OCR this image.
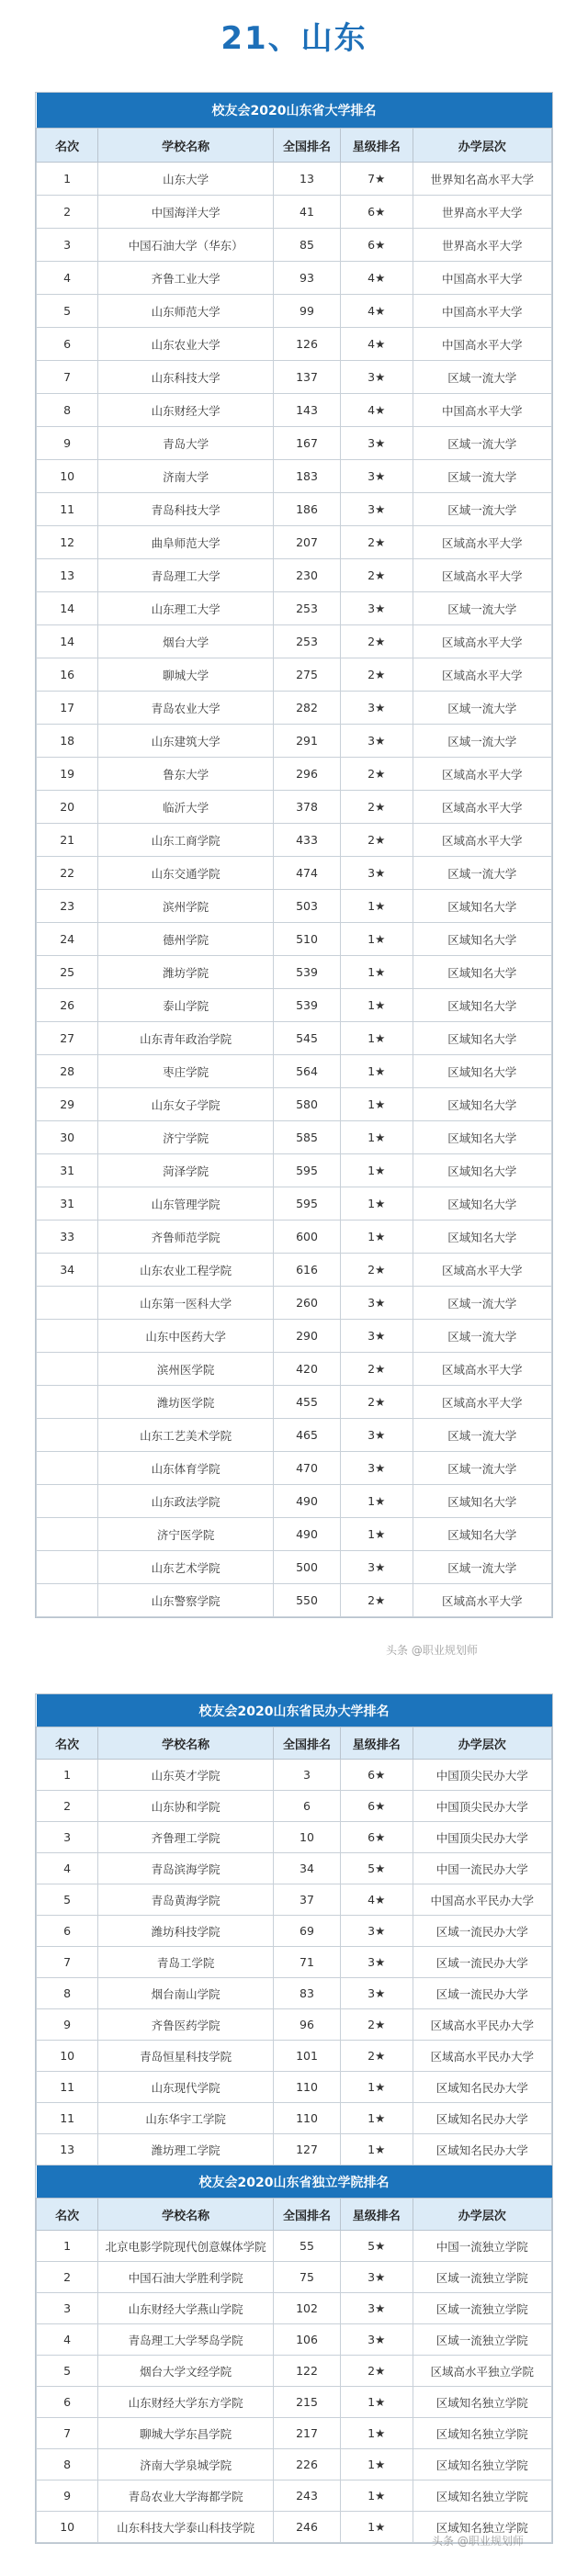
21、山东
校友会2020山东省大学排名				
名次	学校名称	全国排名	星级排名	办学层次
1	山东大学	13	7★	世界知名高水平大学
2	中国海洋大学	41	6★	世界高水平大学
3	中国石油大学（华东）	85	6★	世界高水平大学
4	齐鲁工业大学	93	4★	中国高水平大学
5	山东师范大学	99	4★	中国高水平大学
6	山东农业大学	126	4★	中国高水平大学
7	山东科技大学	137	3★	区域一流大学
8	山东财经大学	143	4★	中国高水平大学
9	青岛大学	167	3★	区域一流大学
10	济南大学	183	3★	区域一流大学
11	青岛科技大学	186	3★	区域一流大学
12	曲阜师范大学	207	2★	区域高水平大学
13	青岛理工大学	230	2★	区域高水平大学
14	山东理工大学	253	3★	区域一流大学
14	烟台大学	253	2★	区域高水平大学
16	聊城大学	275	2★	区域高水平大学
17	青岛农业大学	282	3★	区域一流大学
18	山东建筑大学	291	3★	区域一流大学
19	鲁东大学	296	2★	区域高水平大学
20	临沂大学	378	2★	区域高水平大学
21	山东工商学院	433	2★	区域高水平大学
22	山东交通学院	474	3★	区域一流大学
23	滨州学院	503	1★	区域知名大学
24	德州学院	510	1★	区域知名大学
25	潍坊学院	539	1★	区域知名大学
26	泰山学院	539	1★	区域知名大学
27	山东青年政治学院	545	1★	区域知名大学
28	枣庄学院	564	1★	区域知名大学
29	山东女子学院	580	1★	区域知名大学
30	济宁学院	585	1★	区域知名大学
31	菏泽学院	595	1★	区域知名大学
31	山东管理学院	595	1★	区域知名大学
33	齐鲁师范学院	600	1★	区域知名大学
34	山东农业工程学院	616	2★	区域高水平大学
	山东第一医科大学	260	3★	区域一流大学
	山东中医药大学	290	3★	区域一流大学
	滨州医学院	420	2★	区域高水平大学
	潍坊医学院	455	2★	区域高水平大学
	山东工艺美术学院	465	3★	区域一流大学
	山东体育学院	470	3★	区域一流大学
	山东政法学院	490	1★	区域知名大学
	济宁医学院	490	1★	区域知名大学
	山东艺术学院	500	3★	区域一流大学
	山东警察学院	550	2★	区域高水平大学
校友会2020山东省民办大学排名				
名次	学校名称	全国排名	星级排名	办学层次
1	山东英才学院	3	6★	中国顶尖民办大学
2	山东协和学院	6	6★	中国顶尖民办大学
3	齐鲁理工学院	10	6★	中国顶尖民办大学
4	青岛滨海学院	34	5★	中国一流民办大学
5	青岛黄海学院	37	4★	中国高水平民办大学
6	潍坊科技学院	69	3★	区域一流民办大学
7	青岛工学院	71	3★	区域一流民办大学
8	烟台南山学院	83	3★	区域一流民办大学
9	齐鲁医药学院	96	2★	区域高水平民办大学
10	青岛恒星科技学院	101	2★	区域高水平民办大学
11	山东现代学院	110	1★	区域知名民办大学
11	山东华宇工学院	110	1★	区域知名民办大学
13	潍坊理工学院	127	1★	区域知名民办大学
校友会2020山东省独立学院排名				
名次	学校名称	全国排名	星级排名	办学层次
1	北京电影学院现代创意媒体学院	55	5★	中国一流独立学院
2	中国石油大学胜利学院	75	3★	区域一流独立学院
3	山东财经大学燕山学院	102	3★	区域一流独立学院
4	青岛理工大学琴岛学院	106	3★	区域一流独立学院
5	烟台大学文经学院	122	2★	区域高水平独立学院
6	山东财经大学东方学院	215	1★	区域知名独立学院
7	聊城大学东昌学院	217	1★	区域知名独立学院
8	济南大学泉城学院	226	1★	区域知名独立学院
9	青岛农业大学海都学院	243	1★	区域知名独立学院
10	山东科技大学泰山科技学院	246	1★	区域知名独立学院
头条 @职业规划师
头条 @职业规划师
